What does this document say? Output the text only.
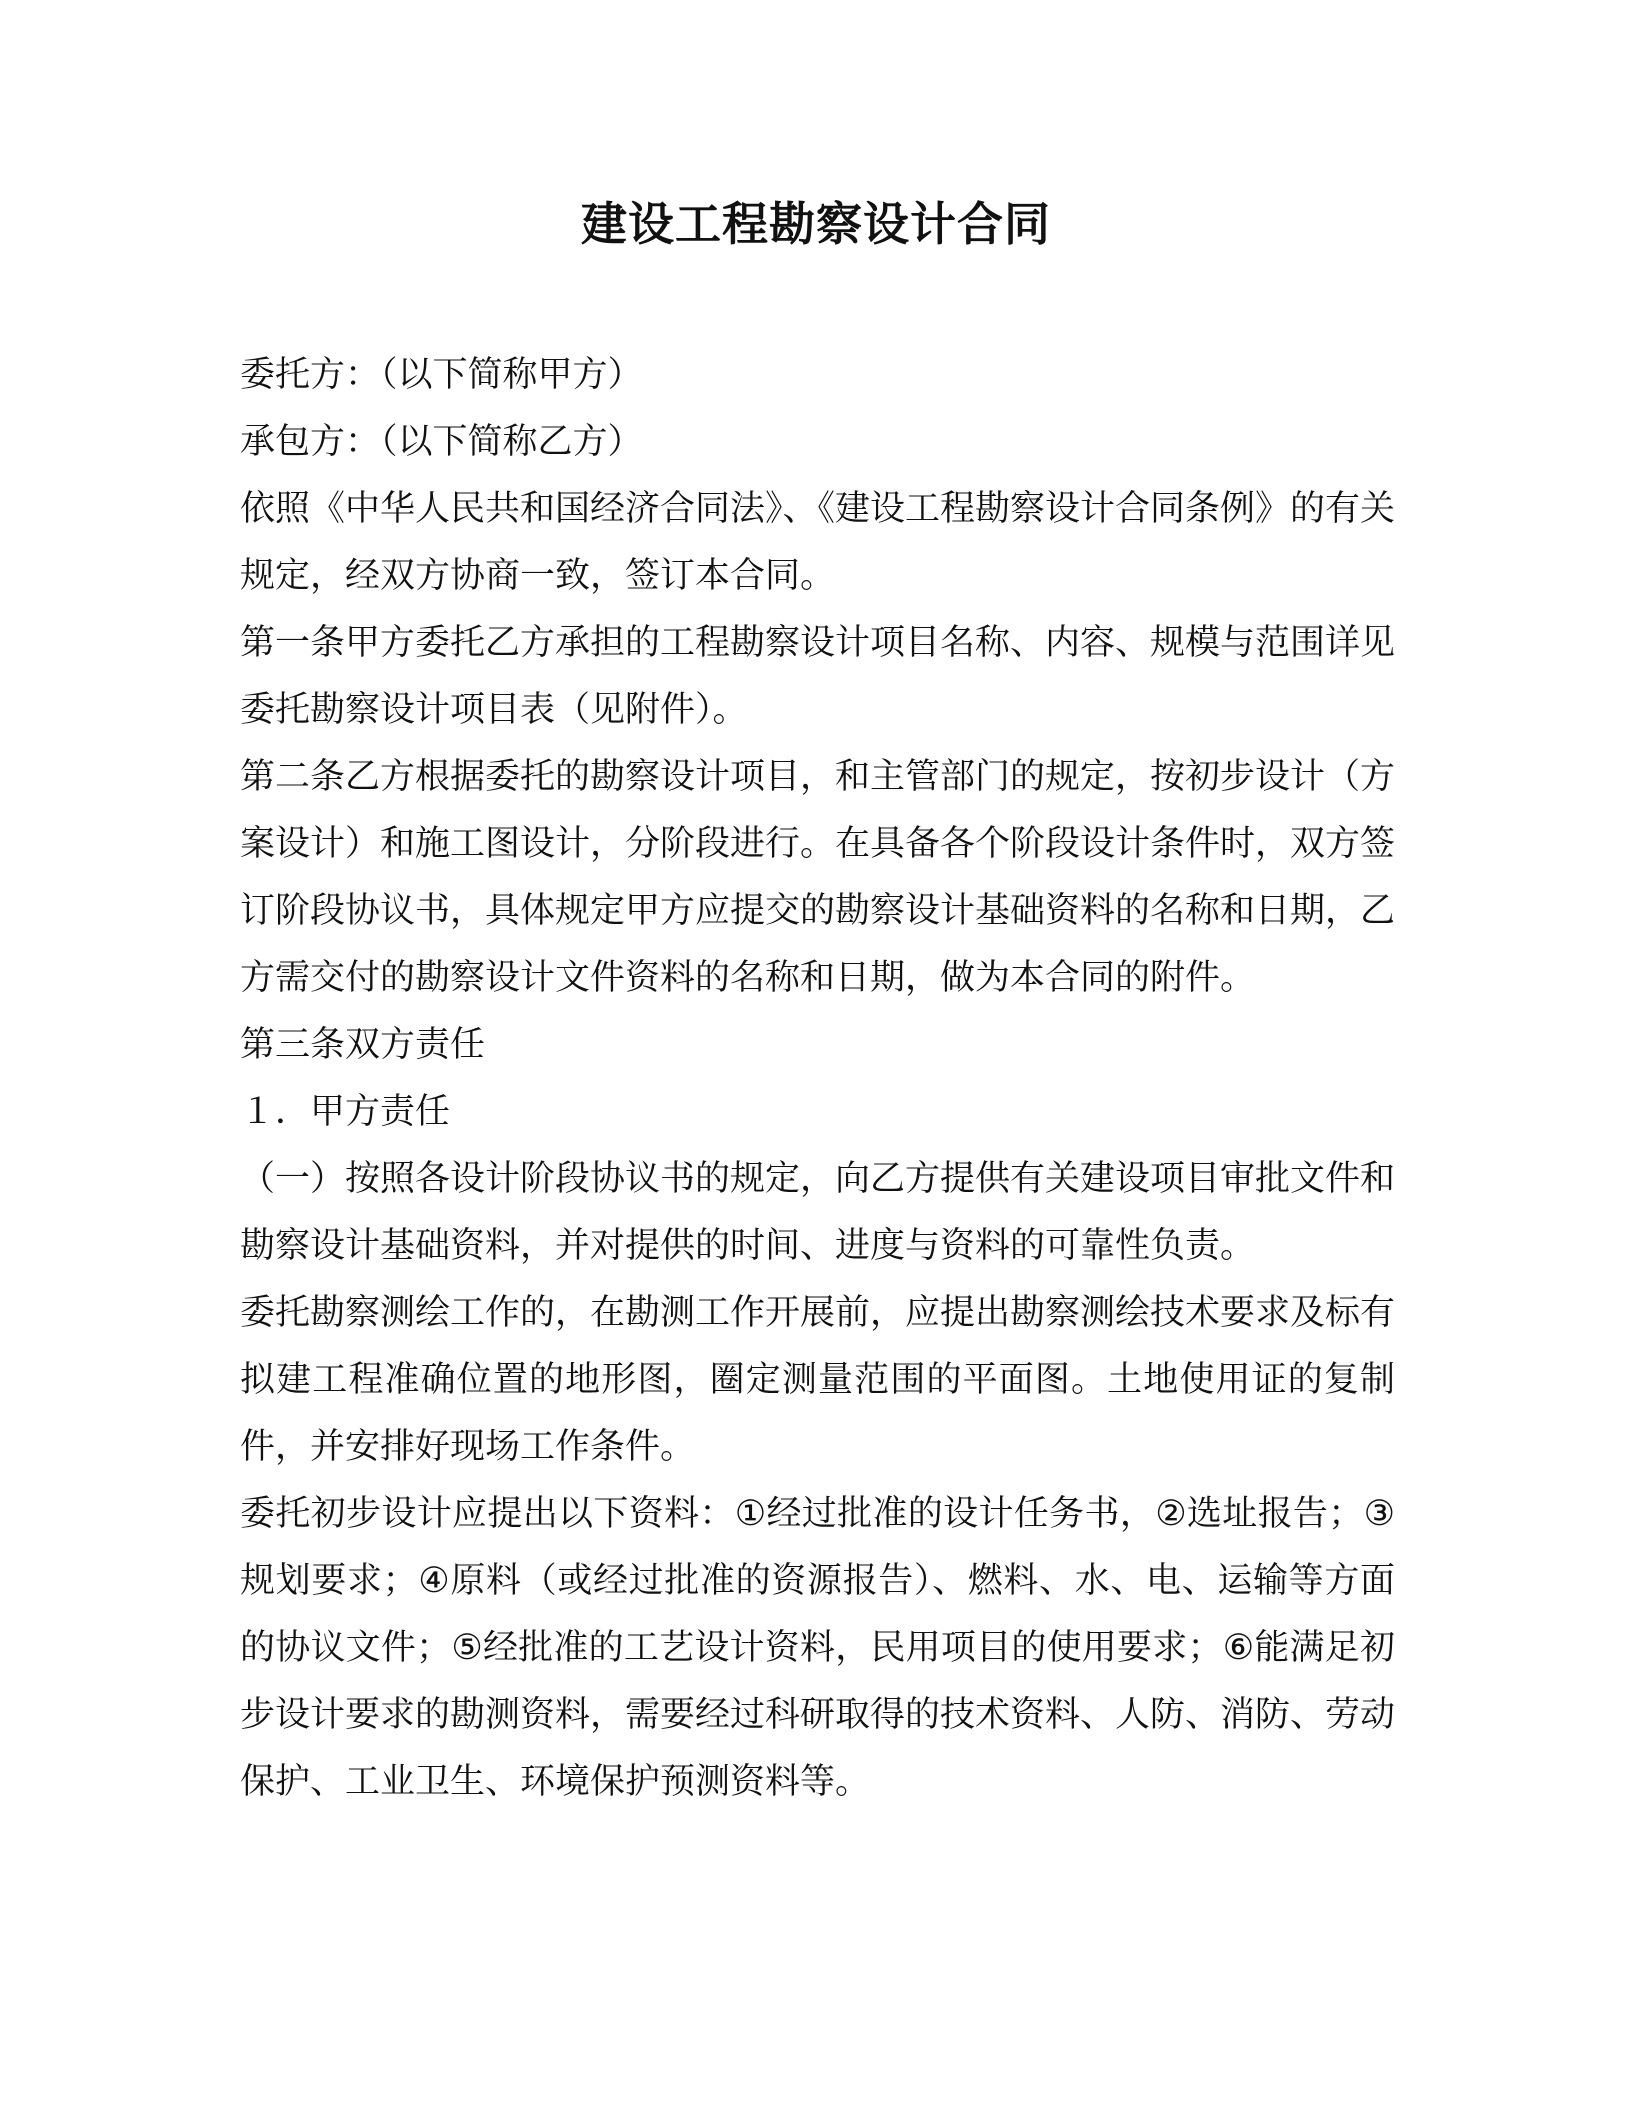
建设工程勘察设计合同

委托方：（以下简称甲方）

承包方：（以下简称乙方）

依照《中华人民共和国经济合同法》、《建设工程勘察设计合同条例》的有关规定，经双方协商一致，签订本合同。

第一条甲方委托乙方承担的工程勘察设计项目名称、内容、规模与范围详见委托勘察设计项目表（见附件）。

第二条乙方根据委托的勘察设计项目，和主管部门的规定，按初步设计（方案设计）和施工图设计，分阶段进行。在具备各个阶段设计条件时，双方签订阶段协议书，具体规定甲方应提交的勘察设计基础资料的名称和日期，乙方需交付的勘察设计文件资料的名称和日期，做为本合同的附件。

第三条双方责任

１．甲方责任

（一）按照各设计阶段协议书的规定，向乙方提供有关建设项目审批文件和勘察设计基础资料，并对提供的时间、进度与资料的可靠性负责。

委托勘察测绘工作的，在勘测工作开展前，应提出勘察测绘技术要求及标有拟建工程准确位置的地形图，圈定测量范围的平面图。土地使用证的复制件，并安排好现场工作条件。

委托初步设计应提出以下资料：①经过批准的设计任务书，②选址报告；③规划要求；④原料（或经过批准的资源报告）、燃料、水、电、运输等方面的协议文件；⑤经批准的工艺设计资料，民用项目的使用要求；⑥能满足初步设计要求的勘测资料，需要经过科研取得的技术资料、人防、消防、劳动保护、工业卫生、环境保护预测资料等。
